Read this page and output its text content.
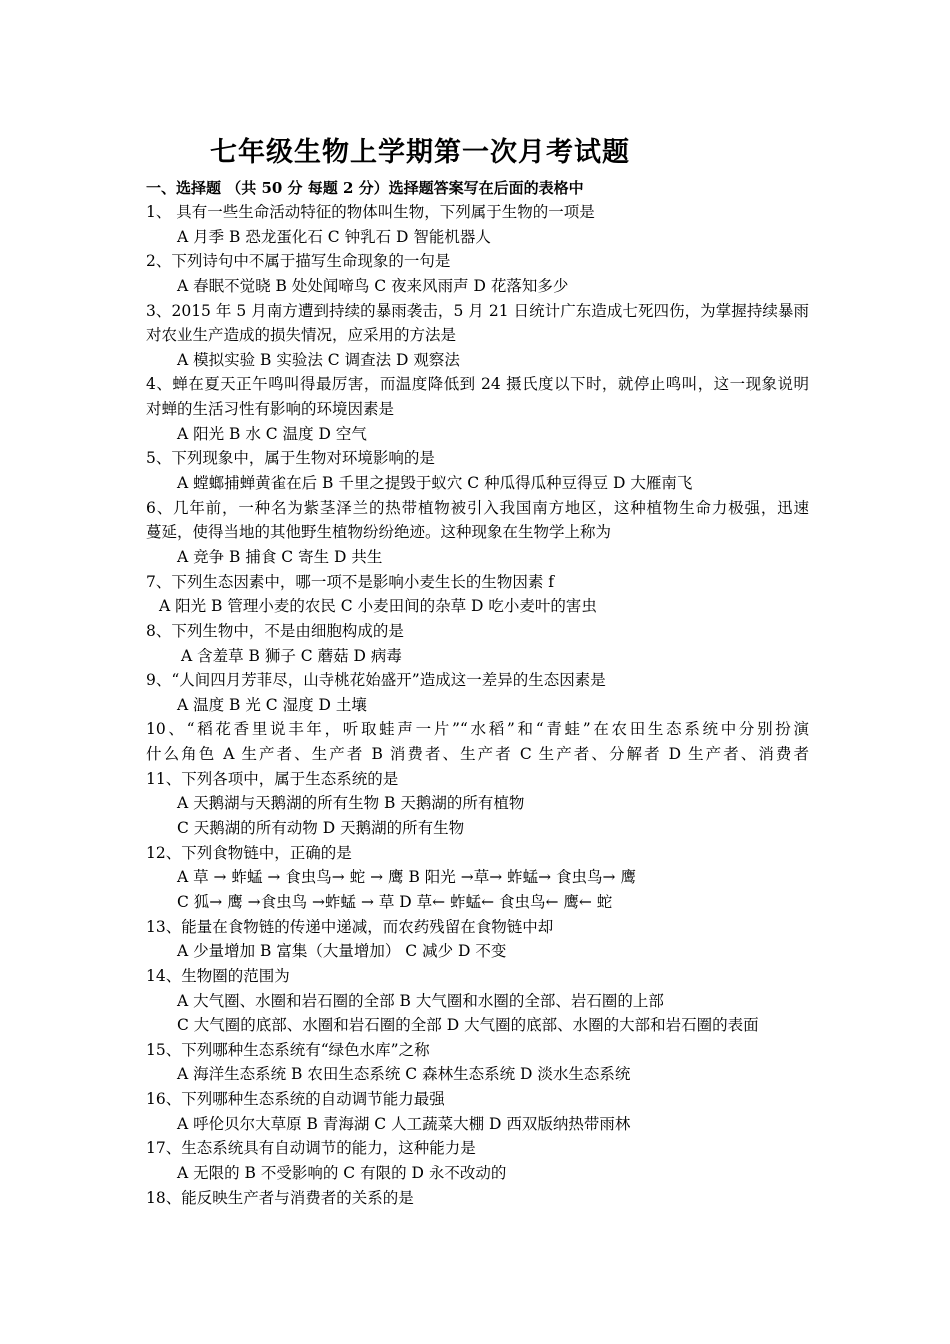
七年级生物上学期第一次月考试题
一、选择题 （共 50 分 每题 2 分）选择题答案写在后面的表格中
1、 具有一些生命活动特征的物体叫生物，下列属于生物的一项是
A 月季 B 恐龙蛋化石 C 钟乳石 D 智能机器人
2、下列诗句中不属于描写生命现象的一句是
A 春眠不觉晓 B 处处闻啼鸟 C 夜来风雨声 D 花落知多少
3、2015 年 5 月南方遭到持续的暴雨袭击，5 月 21 日统计广东造成七死四伤，为掌握持续暴雨
对农业生产造成的损失情况，应采用的方法是
A 模拟实验 B 实验法 C 调查法 D 观察法
4、蝉在夏天正午鸣叫得最厉害，而温度降低到 24 摄氏度以下时，就停止鸣叫，这一现象说明
对蝉的生活习性有影响的环境因素是
A 阳光 B 水 C 温度 D 空气
5、下列现象中，属于生物对环境影响的是
A 螳螂捕蝉黄雀在后 B 千里之提毁于蚁穴 C 种瓜得瓜种豆得豆 D 大雁南飞
6、几年前，一种名为紫茎泽兰的热带植物被引入我国南方地区，这种植物生命力极强，迅速
蔓延，使得当地的其他野生植物纷纷绝迹。这种现象在生物学上称为
A 竞争 B 捕食 C 寄生 D 共生
7、下列生态因素中，哪一项不是影响小麦生长的生物因素 f
A 阳光 B 管理小麦的农民 C 小麦田间的杂草 D 吃小麦叶的害虫
8、下列生物中，不是由细胞构成的是
A 含羞草 B 狮子 C 蘑菇 D 病毒
9、“人间四月芳菲尽，山寺桃花始盛开”造成这一差异的生态因素是
A 温度 B 光 C 湿度 D 土壤
10、“稻花香里说丰年，听取蛙声一片”“水稻”和“青蛙”在农田生态系统中分别扮演
什么角色 A 生产者、生产者 B 消费者、生产者 C 生产者、分解者 D 生产者、消费者
11、下列各项中，属于生态系统的是
A 天鹅湖与天鹅湖的所有生物 B 天鹅湖的所有植物
C 天鹅湖的所有动物 D 天鹅湖的所有生物
12、下列食物链中，正确的是
A 草 → 蚱蜢 → 食虫鸟→ 蛇 → 鹰 B 阳光 →草→ 蚱蜢→ 食虫鸟→ 鹰
C 狐→ 鹰 →食虫鸟 →蚱蜢 → 草 D 草← 蚱蜢← 食虫鸟← 鹰← 蛇
13、能量在食物链的传递中递减，而农药残留在食物链中却
A 少量增加 B 富集（大量增加） C 减少 D 不变
14、生物圈的范围为
A 大气圈、水圈和岩石圈的全部 B 大气圈和水圈的全部、岩石圈的上部
C 大气圈的底部、水圈和岩石圈的全部 D 大气圈的底部、水圈的大部和岩石圈的表面
15、下列哪种生态系统有“绿色水库”之称
A 海洋生态系统 B 农田生态系统 C 森林生态系统 D 淡水生态系统
16、下列哪种生态系统的自动调节能力最强
A 呼伦贝尔大草原 B 青海湖 C 人工蔬菜大棚 D 西双版纳热带雨林
17、生态系统具有自动调节的能力，这种能力是
A 无限的 B 不受影响的 C 有限的 D 永不改动的
18、能反映生产者与消费者的关系的是
